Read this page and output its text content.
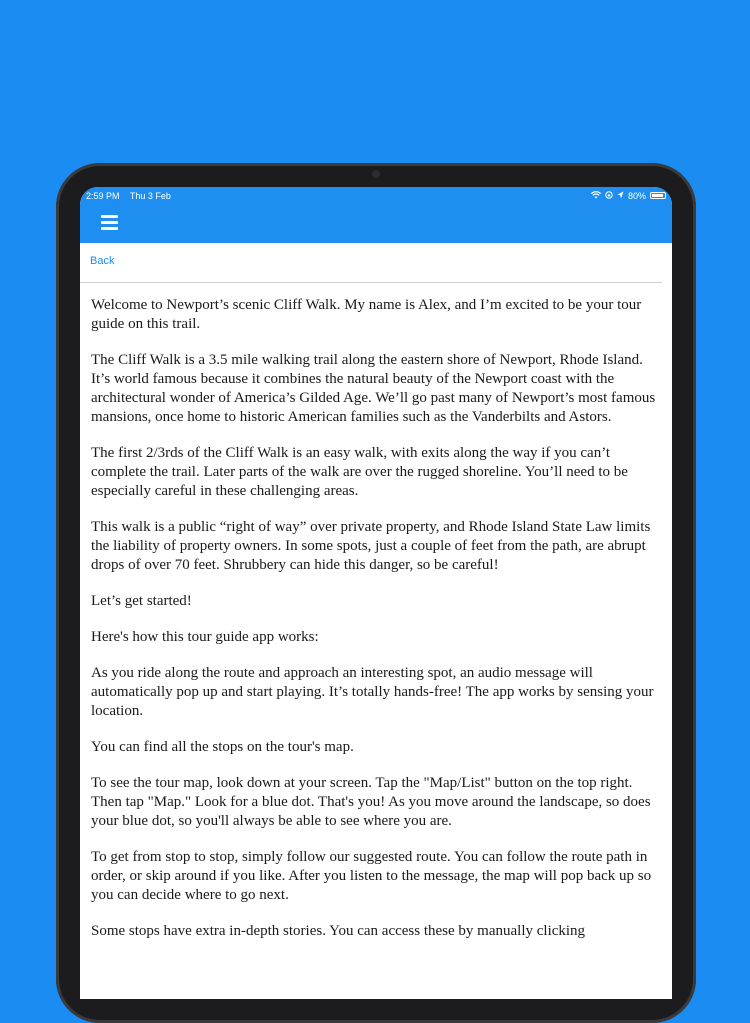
2:59 PM Thu 3 Feb	80%
Back

Welcome to Newport’s scenic Cliff Walk. My name is Alex, and I’m excited to be your tour guide on this trail.

The Cliff Walk is a 3.5 mile walking trail along the eastern shore of Newport, Rhode Island. It’s world famous because it combines the natural beauty of the Newport coast with the architectural wonder of America’s Gilded Age. We’ll go past many of Newport’s most famous mansions, once home to historic American families such as the Vanderbilts and Astors.

The first 2/3rds of the Cliff Walk is an easy walk, with exits along the way if you can’t complete the trail. Later parts of the walk are over the rugged shoreline. You’ll need to be especially careful in these challenging areas.

This walk is a public “right of way” over private property, and Rhode Island State Law limits the liability of property owners. In some spots, just a couple of feet from the path, are abrupt drops of over 70 feet. Shrubbery can hide this danger, so be careful!

Let’s get started!

Here's how this tour guide app works:

As you ride along the route and approach an interesting spot, an audio message will automatically pop up and start playing. It’s totally hands-free! The app works by sensing your location.

You can find all the stops on the tour's map.

To see the tour map, look down at your screen. Tap the "Map/List" button on the top right. Then tap "Map." Look for a blue dot. That's you! As you move around the landscape, so does your blue dot, so you'll always be able to see where you are.

To get from stop to stop, simply follow our suggested route. You can follow the route path in order, or skip around if you like. After you listen to the message, the map will pop back up so you can decide where to go next.

Some stops have extra in-depth stories. You can access these by manually clicking
